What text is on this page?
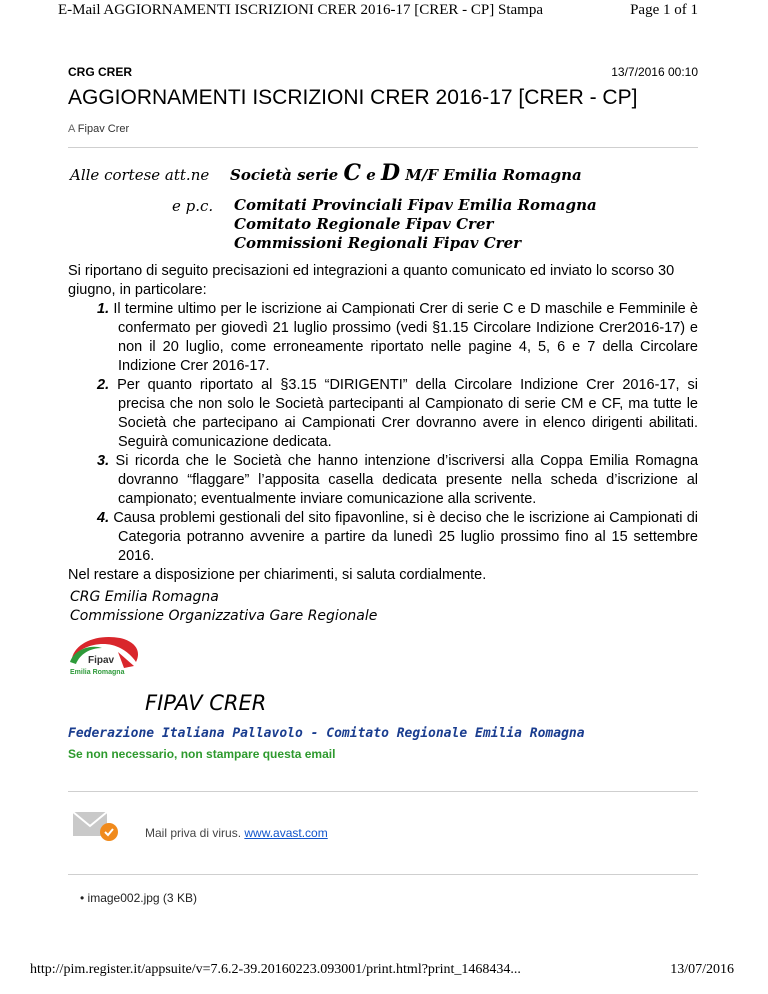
E-Mail AGGIORNAMENTI ISCRIZIONI CRER 2016-17 [CRER - CP] Stampa	Page 1 of 1
CRG CRER	13/7/2016 00:10
AGGIORNAMENTI ISCRIZIONI CRER 2016-17 [CRER - CP]
A Fipav Crer
Alle cortese att.ne Società serie C e D M/F Emilia Romagna
e p.c. Comitati Provinciali Fipav Emilia Romagna
Comitato Regionale Fipav Crer
Commissioni Regionali Fipav Crer

Si riportano di seguito precisazioni ed integrazioni a quanto comunicato ed inviato lo scorso 30 giugno, in particolare:

1. Il termine ultimo per le iscrizione ai Campionati Crer di serie C e D maschile e Femminile è confermato per giovedì 21 luglio prossimo (vedi §1.15 Circolare Indizione Crer2016-17) e non il 20 luglio, come erroneamente riportato nelle pagine 4, 5, 6 e 7 della Circolare Indizione Crer 2016-17.

2. Per quanto riportato al §3.15 “DIRIGENTI” della Circolare Indizione Crer 2016-17, si precisa che non solo le Società partecipanti al Campionato di serie CM e CF, ma tutte le Società che partecipano ai Campionati Crer dovranno avere in elenco dirigenti abilitati. Seguirà comunicazione dedicata.

3. Si ricorda che le Società che hanno intenzione d’iscriversi alla Coppa Emilia Romagna dovranno “flaggare” l’apposita casella dedicata presente nella scheda d’iscrizione al campionato; eventualmente inviare comunicazione alla scrivente.

4. Causa problemi gestionali del sito fipavonline, si è deciso che le iscrizione ai Campionati di Categoria potranno avvenire a partire da lunedì 25 luglio prossimo fino al 15 settembre 2016.

Nel restare a disposizione per chiarimenti, si saluta cordialmente.

CRG Emilia Romagna
Commissione Organizzativa Gare Regionale
Fipav
Emilia Romagna
FIPAV CRER
Federazione Italiana Pallavolo - Comitato Regionale Emilia Romagna
Se non necessario, non stampare questa email
Mail priva di virus. www.avast.com
• image002.jpg (3 KB)
http://pim.register.it/appsuite/v=7.6.2-39.20160223.093001/print.html?print_1468434...	13/07/2016
